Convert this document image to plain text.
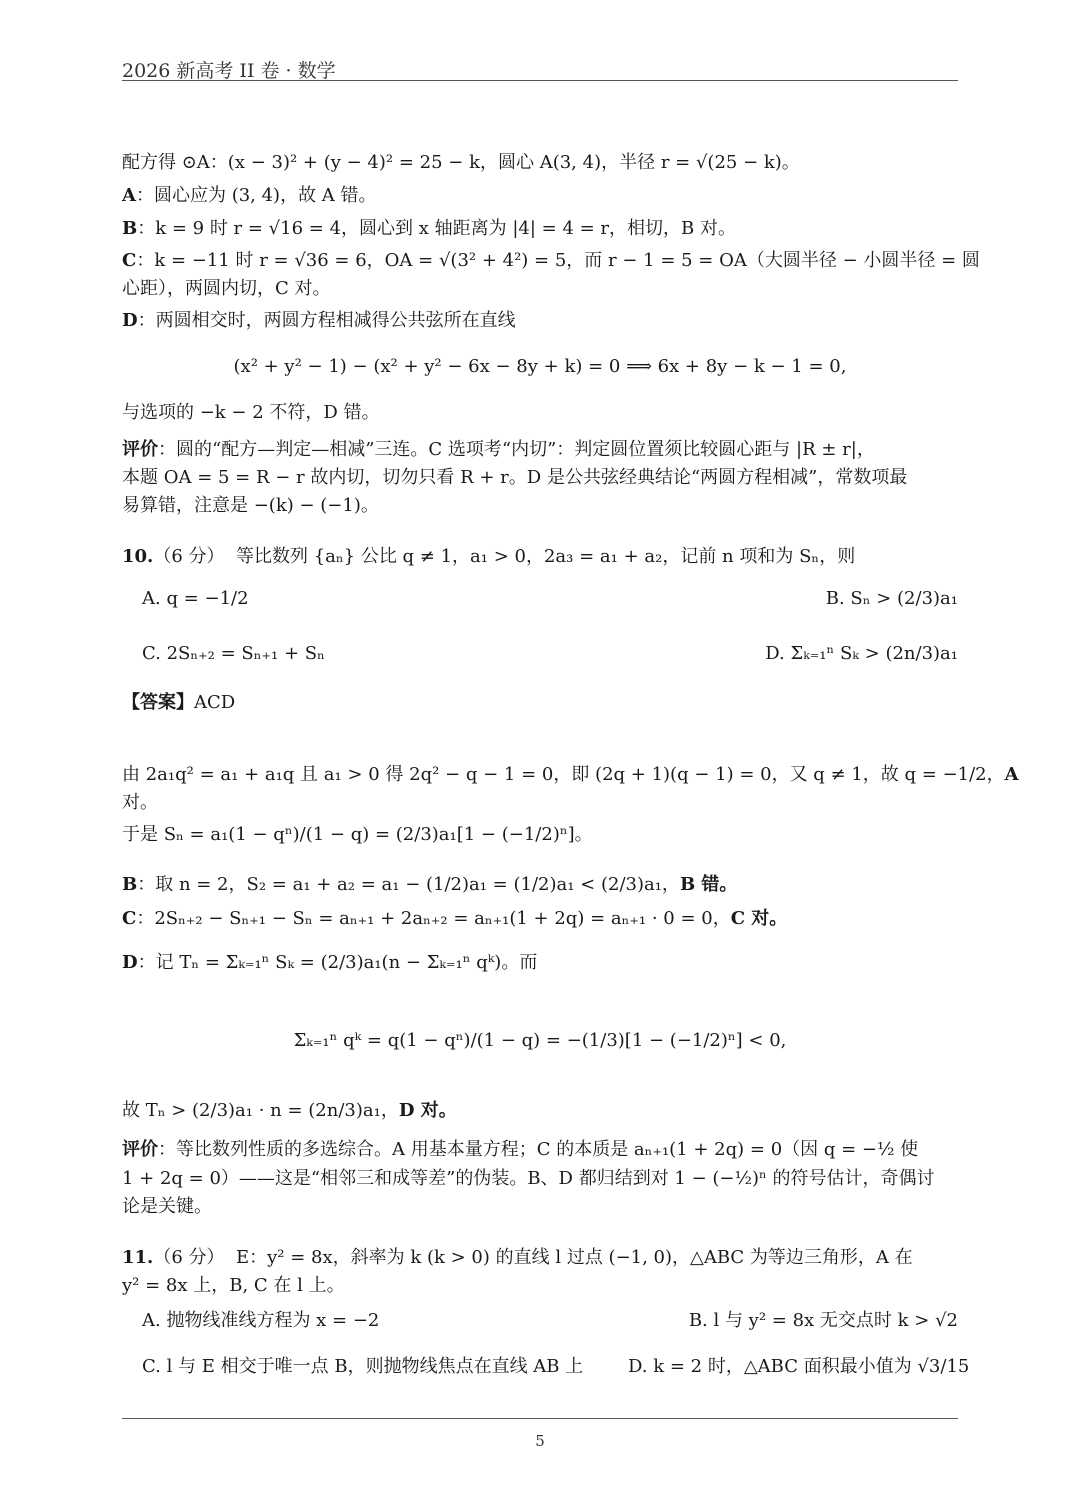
2026 新高考 II 卷 · 数学
配方得 ⊙A：(x − 3)² + (y − 4)² = 25 − k，圆心 A(3, 4)，半径 r = √(25 − k)。
A：圆心应为 (3, 4)，故 A 错。
B：k = 9 时 r = √16 = 4，圆心到 x 轴距离为 |4| = 4 = r，相切，B 对。
C：k = −11 时 r = √36 = 6，OA = √(3² + 4²) = 5，而 r − 1 = 5 = OA（大圆半径 − 小圆半径 = 圆
心距），两圆内切，C 对。
D：两圆相交时，两圆方程相减得公共弦所在直线
(x² + y² − 1) − (x² + y² − 6x − 8y + k) = 0 ⟹ 6x + 8y − k − 1 = 0,
与选项的 −k − 2 不符，D 错。
评价：圆的“配方—判定—相减”三连。C 选项考“内切”：判定圆位置须比较圆心距与 |R ± r|，
本题 OA = 5 = R − r 故内切，切勿只看 R + r。D 是公共弦经典结论“两圆方程相减”，常数项最
易算错，注意是 −(k) − (−1)。
10.（6 分） 等比数列 {aₙ} 公比 q ≠ 1，a₁ > 0，2a₃ = a₁ + a₂，记前 n 项和为 Sₙ，则
A. q = −1/2	B. Sₙ > (2/3)a₁
C. 2Sₙ₊₂ = Sₙ₊₁ + Sₙ	D. Σₖ₌₁ⁿ Sₖ > (2n/3)a₁
【答案】ACD
由 2a₁q² = a₁ + a₁q 且 a₁ > 0 得 2q² − q − 1 = 0，即 (2q + 1)(q − 1) = 0，又 q ≠ 1，故 q = −1/2，A
对。
于是 Sₙ = a₁(1 − qⁿ)/(1 − q) = (2/3)a₁[1 − (−1/2)ⁿ]。
B：取 n = 2，S₂ = a₁ + a₂ = a₁ − (1/2)a₁ = (1/2)a₁ < (2/3)a₁，B 错。
C：2Sₙ₊₂ − Sₙ₊₁ − Sₙ = aₙ₊₁ + 2aₙ₊₂ = aₙ₊₁(1 + 2q) = aₙ₊₁ · 0 = 0，C 对。
D：记 Tₙ = Σₖ₌₁ⁿ Sₖ = (2/3)a₁(n − Σₖ₌₁ⁿ qᵏ)。而
Σₖ₌₁ⁿ qᵏ = q(1 − qⁿ)/(1 − q) = −(1/3)[1 − (−1/2)ⁿ] < 0,
故 Tₙ > (2/3)a₁ · n = (2n/3)a₁，D 对。
评价：等比数列性质的多选综合。A 用基本量方程；C 的本质是 aₙ₊₁(1 + 2q) = 0（因 q = −½ 使
1 + 2q = 0）——这是“相邻三和成等差”的伪装。B、D 都归结到对 1 − (−½)ⁿ 的符号估计，奇偶讨
论是关键。
11.（6 分） E：y² = 8x，斜率为 k (k > 0) 的直线 l 过点 (−1, 0)，△ABC 为等边三角形，A 在
y² = 8x 上，B, C 在 l 上。
A. 抛物线准线方程为 x = −2	B. l 与 y² = 8x 无交点时 k > √2
C. l 与 E 相交于唯一点 B，则抛物线焦点在直线 AB 上 D. k = 2 时，△ABC 面积最小值为 √3/15
5
